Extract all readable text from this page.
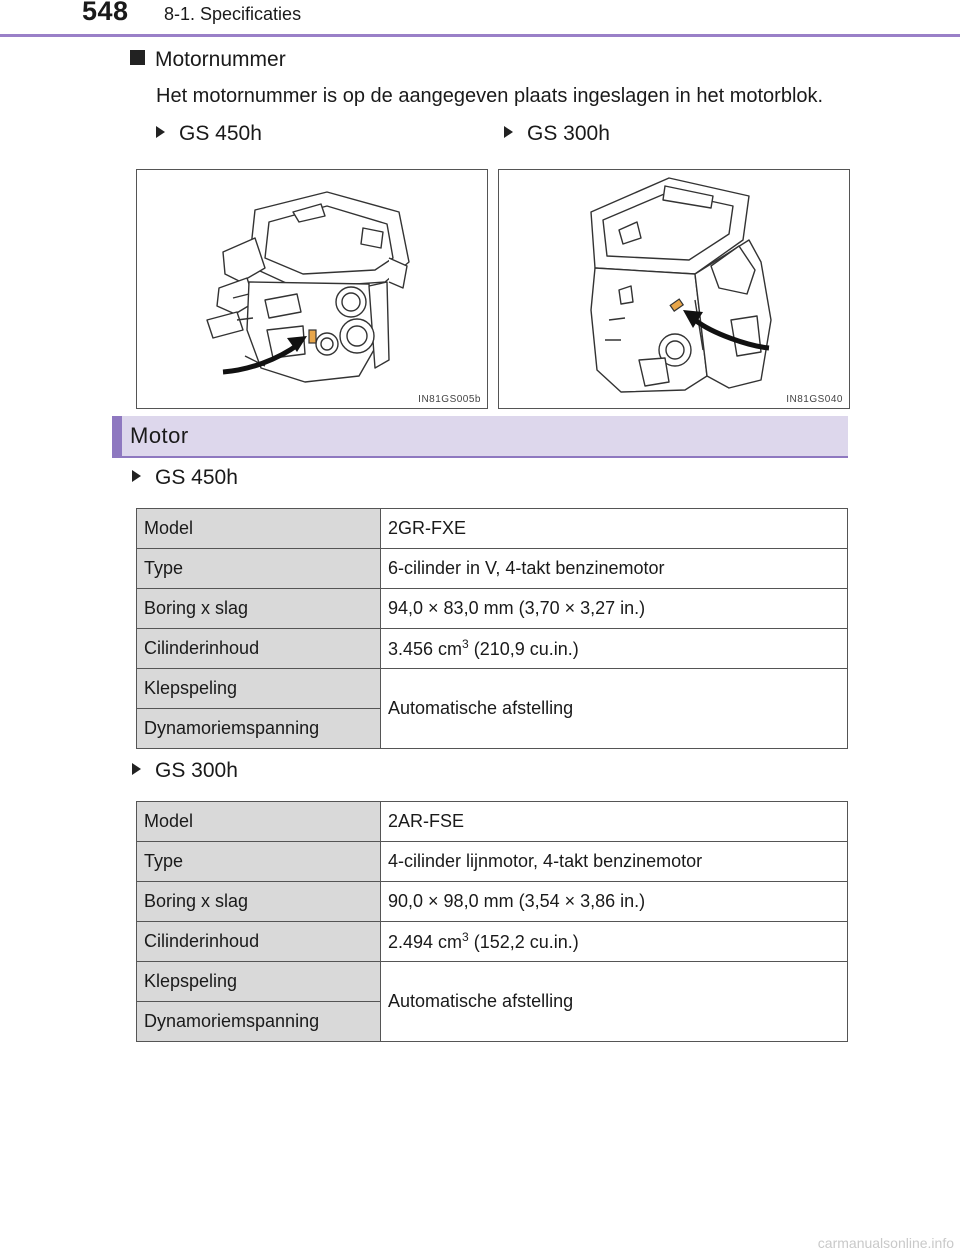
548 8-1. Specificaties
Motornummer
Het motornummer is op de aangegeven plaats ingeslagen in het motorblok.
GS 450h	GS 300h
IN81GS005b	IN81GS040
Motor
GS 450h
Model	2GR-FXE
Type	6-cilinder in V, 4-takt benzinemotor
Boring x slag	94,0 × 83,0 mm (3,70 × 3,27 in.)
Cilinderinhoud	3.456 $cm^3$ (210,9 cu.in.)
Klepspeling	Automatische afstelling
Dynamoriemspanning	
GS 300h
Model	2AR-FSE
Type	4-cilinder lijnmotor, 4-takt benzinemotor
Boring x slag	90,0 × 98,0 mm (3,54 × 3,86 in.)
Cilinderinhoud	2.494 $cm^3$ (152,2 cu.in.)
Klepspeling	Automatische afstelling
Dynamoriemspanning	
carmanualsonline.info
